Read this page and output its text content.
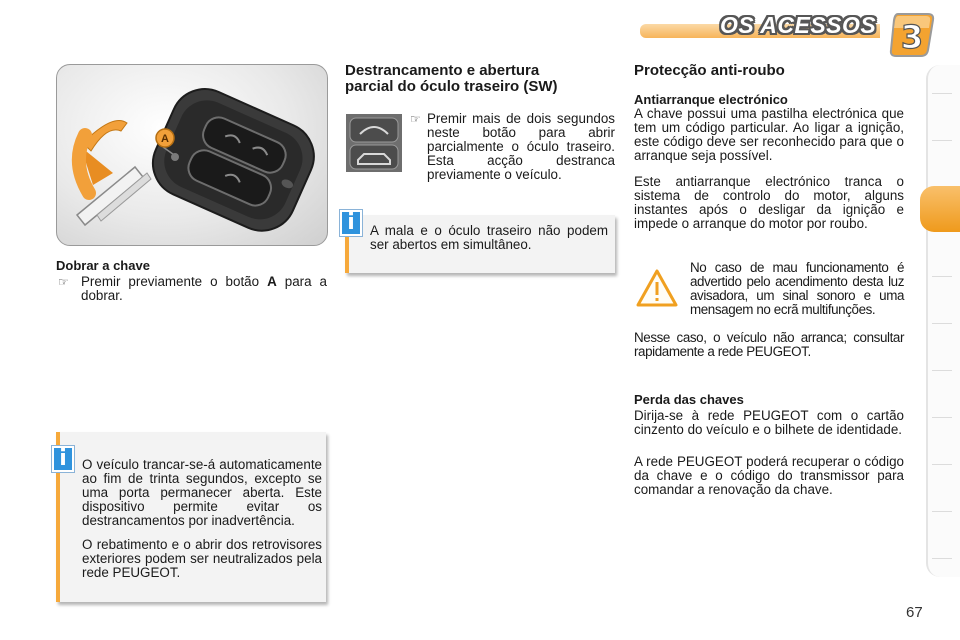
OS ACESSOS 3
A
Dobrar a chave
☞ Premir previamente o botão A para a dobrar.

i	O veículo trancar-se-á automaticamente ao fim de trinta segundos, excepto se uma porta permanecer aberta. Este dispositivo permite evitar os destrancamentos por inadvertência.

O rebatimento e o abrir dos retrovisores exteriores podem ser neutralizados pela rede PEUGEOT.

Destrancamento e abertura
parcial do óculo traseiro (SW)
☞ Premir mais de dois segundos neste botão para abrir parcialmente o óculo traseiro. Esta acção destranca previamente o veículo.

i	A mala e o óculo traseiro não podem ser abertos em simultâneo.

Protecção anti-roubo
Antiarranque electrónico

A chave possui uma pastilha electrónica que tem um código particular. Ao ligar a ignição, este código deve ser reconhecido para que o arranque seja possível.

Este antiarranque electrónico tranca o sistema de controlo do motor, alguns instantes após o desligar da ignição e impede o arranque do motor por roubo.

No caso de mau funcionamento é advertido pelo acendimento desta luz avisadora, um sinal sonoro e uma mensagem no ecrã multifunções.

Nesse caso, o veículo não arranca; consultar rapidamente a rede PEUGEOT.

Perda das chaves

Dirija-se à rede PEUGEOT com o cartão cinzento do veículo e o bilhete de identidade.

A rede PEUGEOT poderá recuperar o código da chave e o código do transmissor para comandar a renovação da chave.

67
